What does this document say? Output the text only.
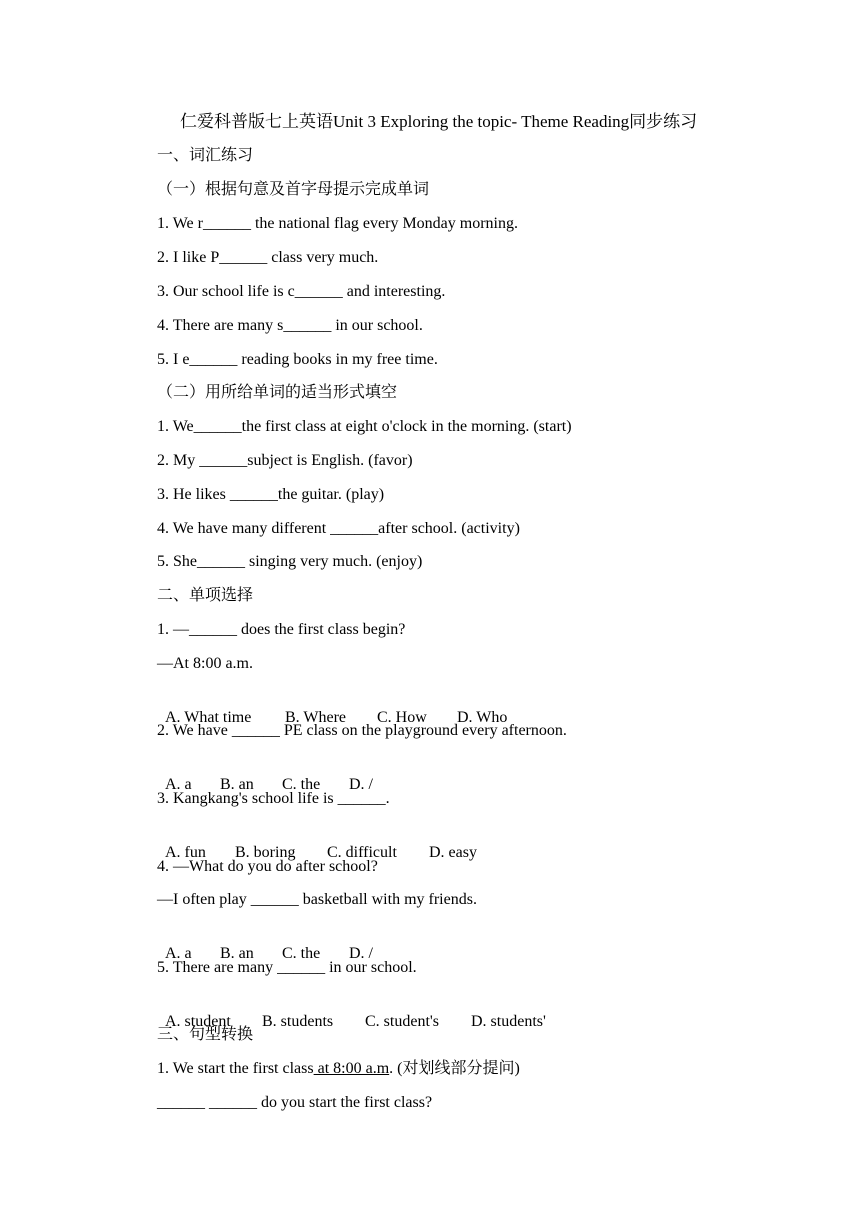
仁爱科普版七上英语Unit 3 Exploring the topic- Theme Reading同步练习
一、词汇练习
（一）根据句意及首字母提示完成单词
1. We r______ the national flag every Monday morning.
2. I like P______ class very much.
3. Our school life is c______ and interesting.
4. There are many s______ in our school.
5. I e______ reading books in my free time.
（二）用所给单词的适当形式填空
1. We______the first class at eight o'clock in the morning. (start)
2. My ______subject is English. (favor)
3. He likes ______the guitar. (play)
4. We have many different ______after school. (activity)
5. She______ singing very much. (enjoy)
二、单项选择
1. —______ does the first class begin?
—At 8:00 a.m.

A. What time B. Where C. How D. Who

2. We have ______ PE class on the playground every afternoon.

A. a B. an C. the D. /

3. Kangkang's school life is ______.

A. fun B. boring C. difficult D. easy

4. —What do you do after school?
—I often play ______ basketball with my friends.

A. a B. an C. the D. /

5. There are many ______ in our school.

A. student B. students C. student's D. students'

三、句型转换
1. We start the first class at 8:00 a.m. (对划线部分提问)
______ ______ do you start the first class?
